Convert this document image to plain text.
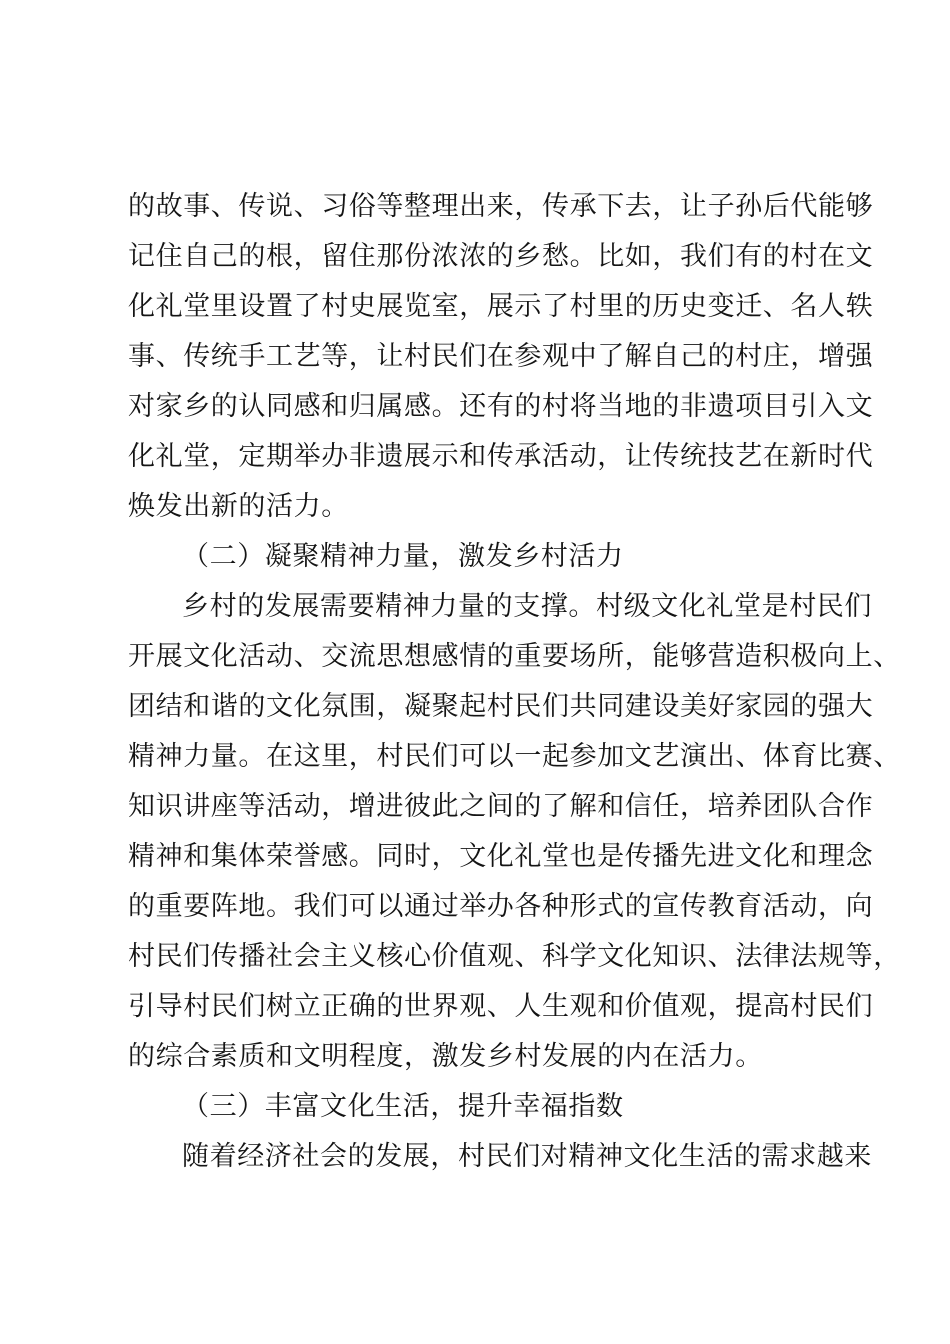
的故事、传说、习俗等整理出来，传承下去，让子孙后代能够
记住自己的根，留住那份浓浓的乡愁。比如，我们有的村在文
化礼堂里设置了村史展览室，展示了村里的历史变迁、名人轶
事、传统手工艺等，让村民们在参观中了解自己的村庄，增强
对家乡的认同感和归属感。还有的村将当地的非遗项目引入文
化礼堂，定期举办非遗展示和传承活动，让传统技艺在新时代
焕发出新的活力。
（二）凝聚精神力量，激发乡村活力
乡村的发展需要精神力量的支撑。村级文化礼堂是村民们
开展文化活动、交流思想感情的重要场所，能够营造积极向上、
团结和谐的文化氛围，凝聚起村民们共同建设美好家园的强大
精神力量。在这里，村民们可以一起参加文艺演出、体育比赛、
知识讲座等活动，增进彼此之间的了解和信任，培养团队合作
精神和集体荣誉感。同时，文化礼堂也是传播先进文化和理念
的重要阵地。我们可以通过举办各种形式的宣传教育活动，向
村民们传播社会主义核心价值观、科学文化知识、法律法规等，
引导村民们树立正确的世界观、人生观和价值观，提高村民们
的综合素质和文明程度，激发乡村发展的内在活力。
（三）丰富文化生活，提升幸福指数
随着经济社会的发展，村民们对精神文化生活的需求越来
